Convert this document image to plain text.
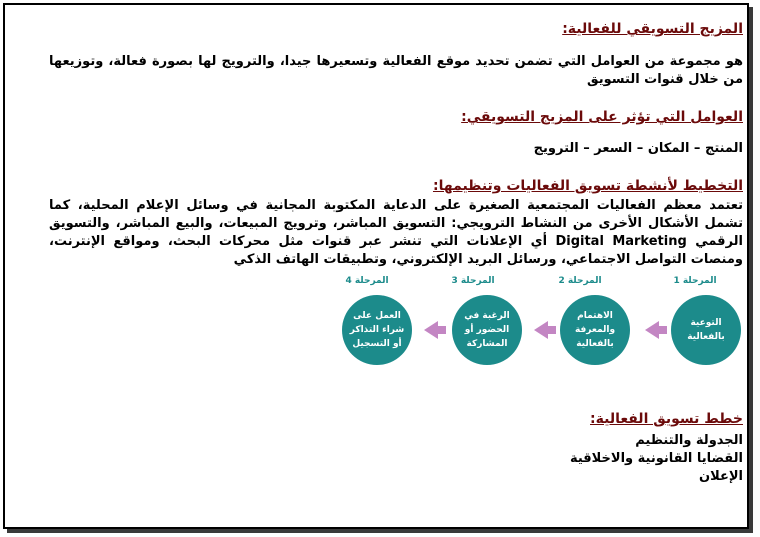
المزيج التسويقي للفعالية:
هو مجموعة من العوامل التي تضمن تحديد موقع الفعالية وتسعيرها جيدا، والترويج لها بصورة فعالة، وتوزيعها من خلال قنوات التسويق
العوامل التي تؤثر على المزيج التسويقي:
المنتج – المكان – السعر – الترويج
التخطيط لأنشطة تسويق الفعاليات وتنظيمها:
تعتمد معظم الفعاليات المجتمعية الصغيرة على الدعاية المكتوبة المجانية في وسائل الإعلام المحلية، كما تشمل الأشكال الأخرى من النشاط الترويجي: التسويق المباشر، وترويج المبيعات، والبيع المباشر، والتسويق الرقمي Digital Marketing أي الإعلانات التي تنشر عبر قنوات مثل محركات البحث، ومواقع الإنترنت، ومنصات التواصل الاجتماعي، ورسائل البريد الإلكتروني، وتطبيقات الهاتف الذكي
المرحلة 1
التوعية بالفعالية
المرحلة 2
الاهتمام والمعرفة بالفعالية
المرحلة 3
الرغبة في الحضور أو المشاركة
المرحلة 4
العمل على شراء التذاكر أو التسجيل
خطط تسويق الفعالية:
الجدولة والتنظيم
القضايا القانونية والاخلاقية
الإعلان
